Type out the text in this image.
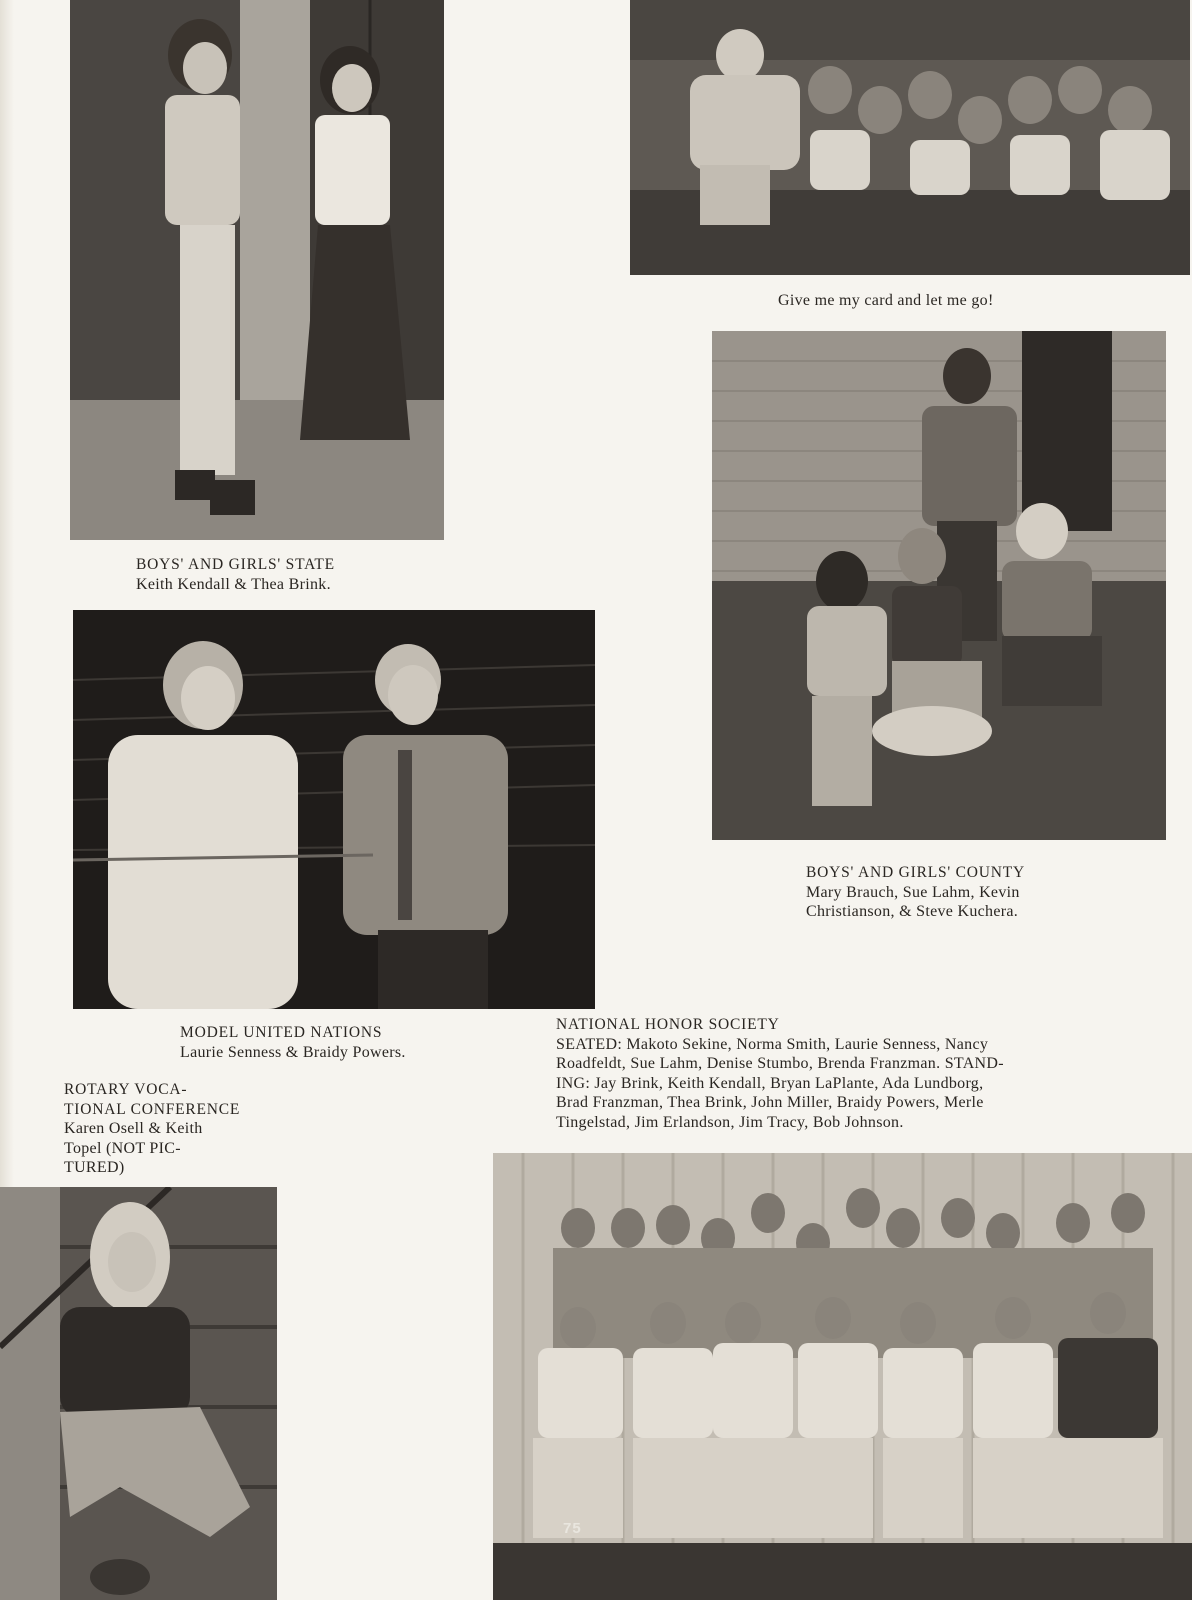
Give me my card and let me go!
BOYS' AND GIRLS' STATE
Keith Kendall & Thea Brink.
BOYS' AND GIRLS' COUNTY
Mary Brauch, Sue Lahm, Kevin
Christianson, & Steve Kuchera.
MODEL UNITED NATIONS
Laurie Senness & Braidy Powers.
NATIONAL HONOR SOCIETY
SEATED: Makoto Sekine, Norma Smith, Laurie Senness, Nancy
Roadfeldt, Sue Lahm, Denise Stumbo, Brenda Franzman. STAND-
ING: Jay Brink, Keith Kendall, Bryan LaPlante, Ada Lundborg,
Brad Franzman, Thea Brink, John Miller, Braidy Powers, Merle
Tingelstad, Jim Erlandson, Jim Tracy, Bob Johnson.
ROTARY VOCA-
TIONAL CONFERENCE
Karen Osell & Keith
Topel (NOT PIC-
TURED)
75
